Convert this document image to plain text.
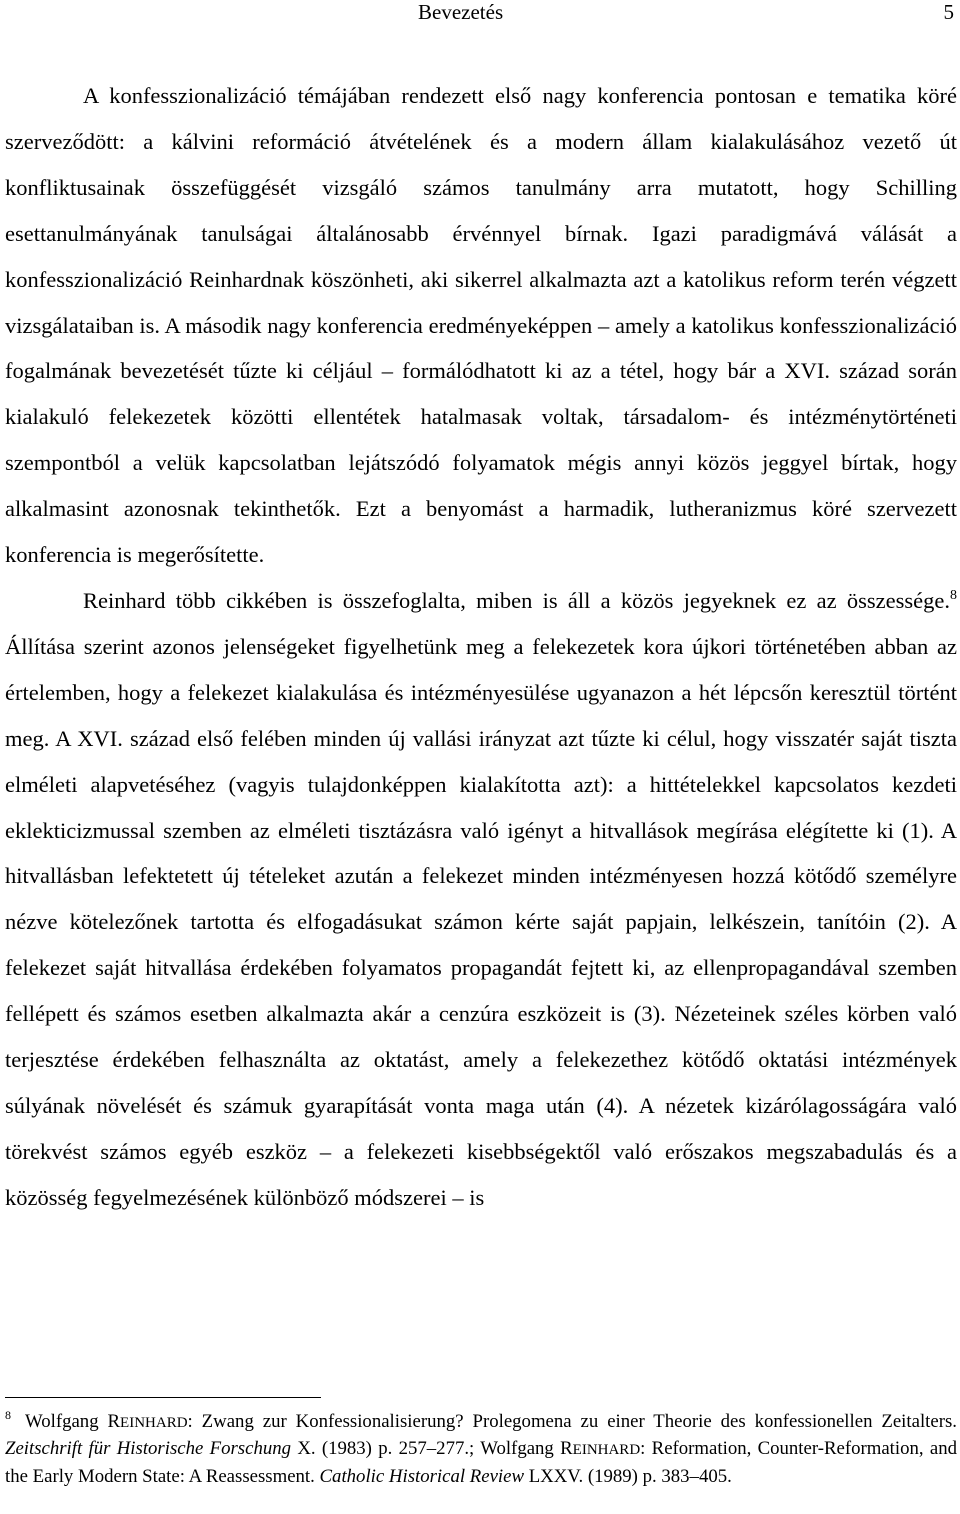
Bevezetés	5

A konfesszionalizáció témájában rendezett első nagy konferencia pontosan e tematika köré szerveződött: a kálvini reformáció átvételének és a modern állam kialakulásához vezető út konfliktusainak összefüggését vizsgáló számos tanulmány arra mutatott, hogy Schilling esettanulmányának tanulságai általánosabb érvénnyel bírnak. Igazi paradigmává válását a konfesszionalizáció Reinhardnak köszönheti, aki sikerrel alkalmazta azt a katolikus reform terén végzett vizsgálataiban is. A második nagy konferencia eredményeképpen – amely a katolikus konfesszionalizáció fogalmának bevezetését tűzte ki céljául – formálódhatott ki az a tétel, hogy bár a XVI. század során kialakuló felekezetek közötti ellentétek hatalmasak voltak, társadalom- és intézménytörténeti szempontból a velük kapcsolatban lejátszódó folyamatok mégis annyi közös jeggyel bírtak, hogy alkalmasint azonosnak tekinthetők. Ezt a benyomást a harmadik, lutheranizmus köré szervezett konferencia is megerősítette.

Reinhard több cikkében is összefoglalta, miben is áll a közös jegyeknek ez az összessége.$^8$ Állítása szerint azonos jelenségeket figyelhetünk meg a felekezetek kora újkori történetében abban az értelemben, hogy a felekezet kialakulása és intézményesülése ugyanazon a hét lépcsőn keresztül történt meg. A XVI. század első felében minden új vallási irányzat azt tűzte ki célul, hogy visszatér saját tiszta elméleti alapvetéséhez (vagyis tulajdonképpen kialakította azt): a hittételekkel kapcsolatos kezdeti eklekticizmussal szemben az elméleti tisztázásra való igényt a hitvallások megírása elégítette ki (1). A hitvallásban lefektetett új tételeket azután a felekezet minden intézményesen hozzá kötődő személyre nézve kötelezőnek tartotta és elfogadásukat számon kérte saját papjain, lelkészein, tanítóin (2). A felekezet saját hitvallása érdekében folyamatos propagandát fejtett ki, az ellenpropagandával szemben fellépett és számos esetben alkalmazta akár a cenzúra eszközeit is (3). Nézeteinek széles körben való terjesztése érdekében felhasználta az oktatást, amely a felekezethez kötődő oktatási intézmények súlyának növelését és számuk gyarapítását vonta maga után (4). A nézetek kizárólagosságára való törekvést számos egyéb eszköz – a felekezeti kisebbségektől való erőszakos megszabadulás és a közösség fegyelmezésének különböző módszerei – is

$^8$ Wolfgang REINHARD: Zwang zur Konfessionalisierung? Prolegomena zu einer Theorie des konfessionellen Zeitalters. Zeitschrift für Historische Forschung X. (1983) p. 257–277.; Wolfgang REINHARD: Reformation, Counter-Reformation, and the Early Modern State: A Reassessment. Catholic Historical Review LXXV. (1989) p. 383–405.
